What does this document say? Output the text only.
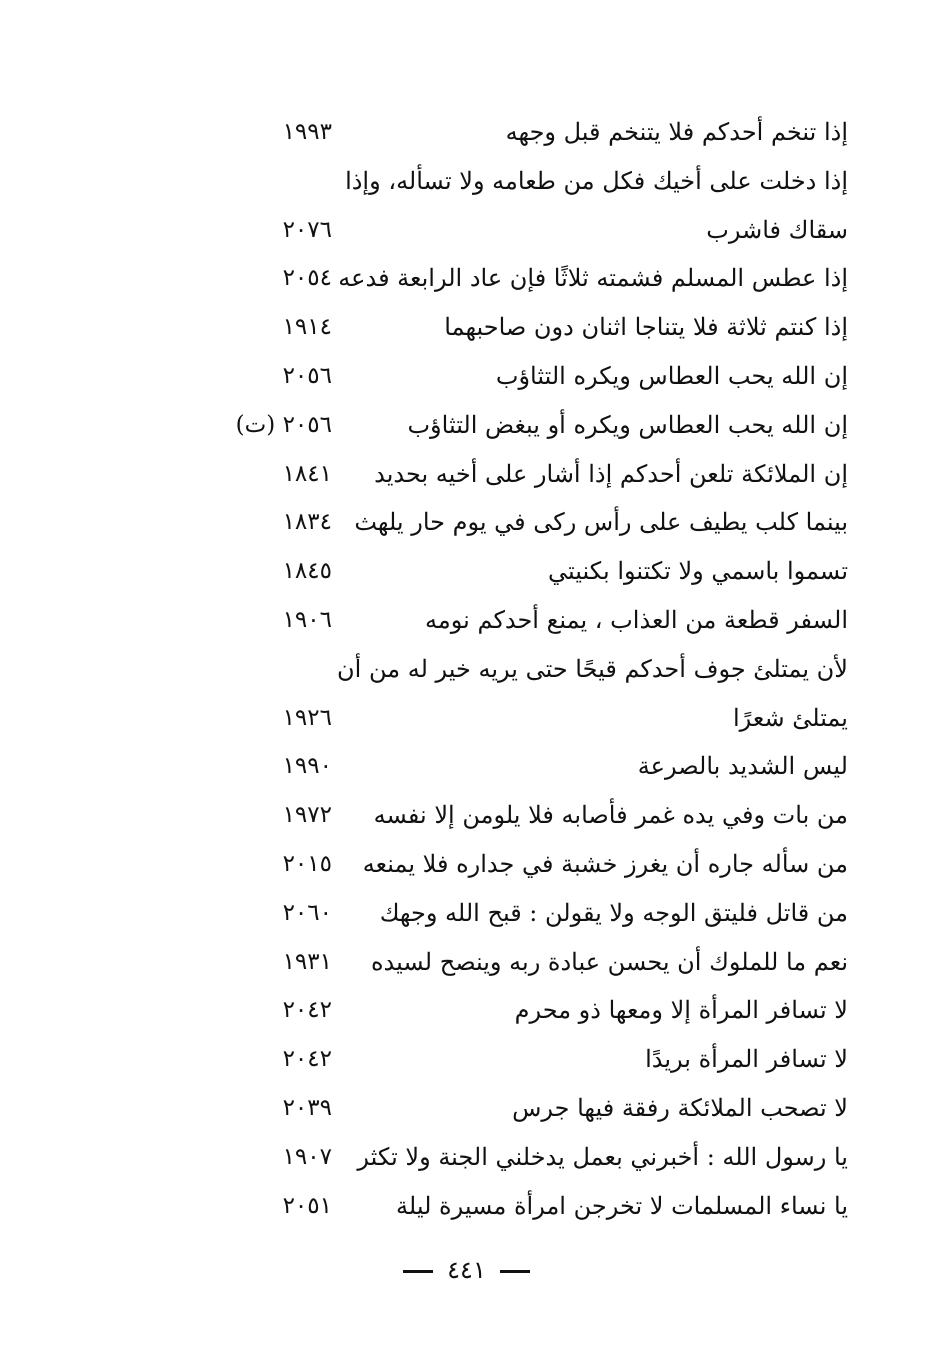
إذا تنخم أحدكم فلا يتنخم قبل وجهه
١٩٩٣
إذا دخلت على أخيك فكل من طعامه ولا تسأله، وإذا
سقاك فاشرب
٢٠٧٦
إذا عطس المسلم فشمته ثلاثًا فإن عاد الرابعة فدعه
٢٠٥٤
إذا كنتم ثلاثة فلا يتناجا اثنان دون صاحبهما
١٩١٤
إن الله يحب العطاس ويكره التثاؤب
٢٠٥٦
إن الله يحب العطاس ويكره أو يبغض التثاؤب
٢٠٥٦ (ت)
إن الملائكة تلعن أحدكم إذا أشار على أخيه بحديد
١٨٤١
بينما كلب يطيف على رأس ركى في يوم حار يلهث
١٨٣٤
تسموا باسمي ولا تكتنوا بكنيتي
١٨٤٥
السفر قطعة من العذاب ، يمنع أحدكم نومه
١٩٠٦
لأن يمتلئ جوف أحدكم قيحًا حتى يريه خير له من أن
يمتلئ شعرًا
١٩٢٦
ليس الشديد بالصرعة
١٩٩٠
من بات وفي يده غمر فأصابه فلا يلومن إلا نفسه
١٩٧٢
من سأله جاره أن يغرز خشبة في جداره فلا يمنعه
٢٠١٥
من قاتل فليتق الوجه ولا يقولن : قبح الله وجهك
٢٠٦٠
نعم ما للملوك أن يحسن عبادة ربه وينصح لسيده
١٩٣١
لا تسافر المرأة إلا ومعها ذو محرم
٢٠٤٢
لا تسافر المرأة بريدًا
٢٠٤٢
لا تصحب الملائكة رفقة فيها جرس
٢٠٣٩
يا رسول الله : أخبرني بعمل يدخلني الجنة ولا تكثر
١٩٠٧
يا نساء المسلمات لا تخرجن امرأة مسيرة ليلة
٢٠٥١
٤٤١
